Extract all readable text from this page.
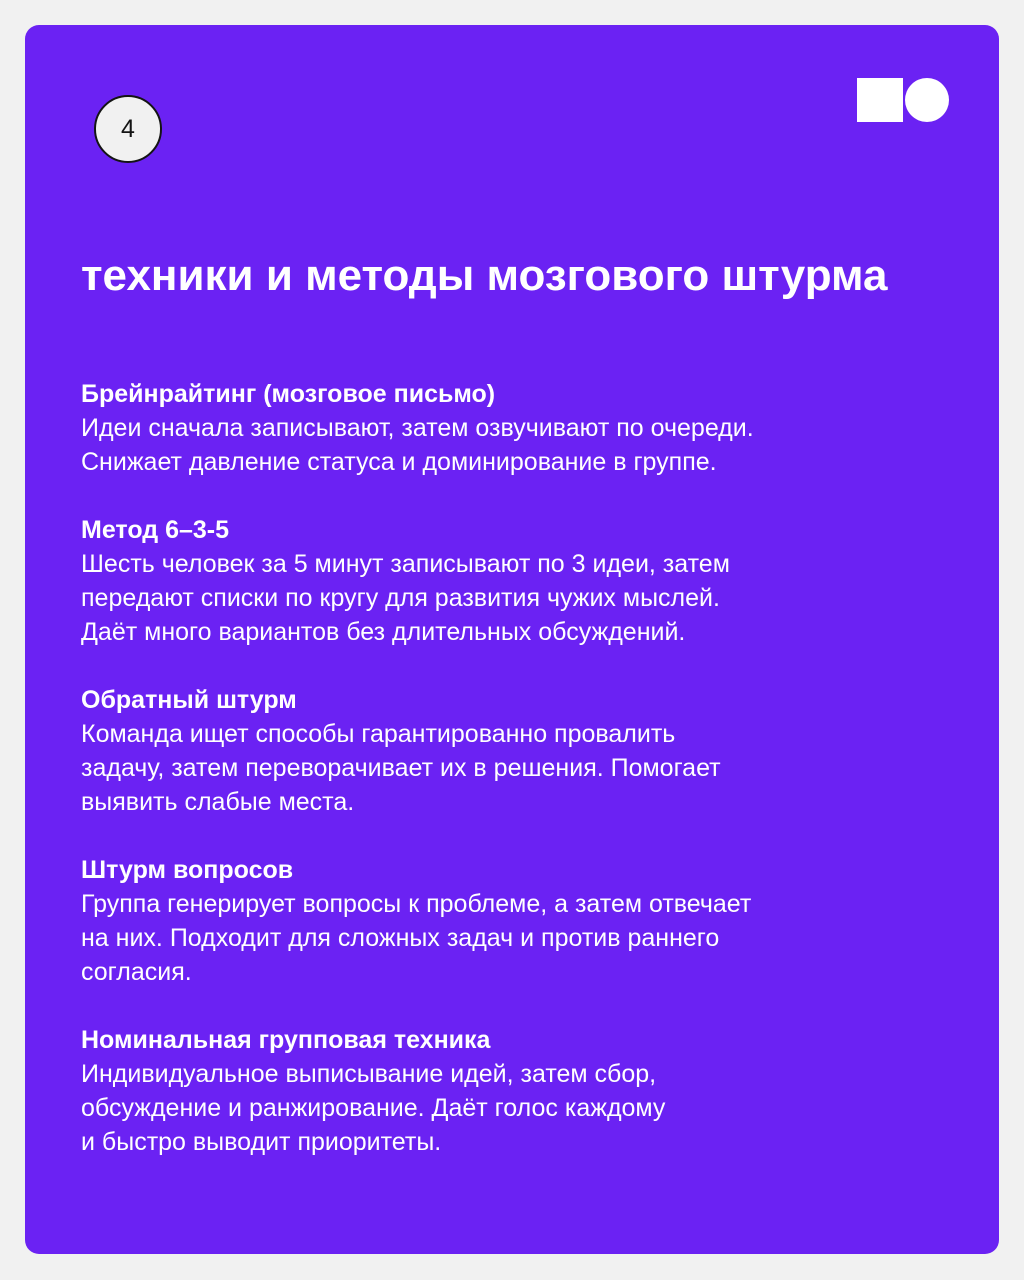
4
техники и методы мозгового штурма
Брейнрайтинг (мозговое письмо)
Идеи сначала записывают, затем озвучивают по очереди.
Снижает давление статуса и доминирование в группе.
Метод 6–3-5
Шесть человек за 5 минут записывают по 3 идеи, затем
передают списки по кругу для развития чужих мыслей.
Даёт много вариантов без длительных обсуждений.
Обратный штурм
Команда ищет способы гарантированно провалить
задачу, затем переворачивает их в решения. Помогает
выявить слабые места.
Штурм вопросов
Группа генерирует вопросы к проблеме, а затем отвечает
на них. Подходит для сложных задач и против раннего
согласия.
Номинальная групповая техника
Индивидуальное выписывание идей, затем сбор,
обсуждение и ранжирование. Даёт голос каждому
и быстро выводит приоритеты.
